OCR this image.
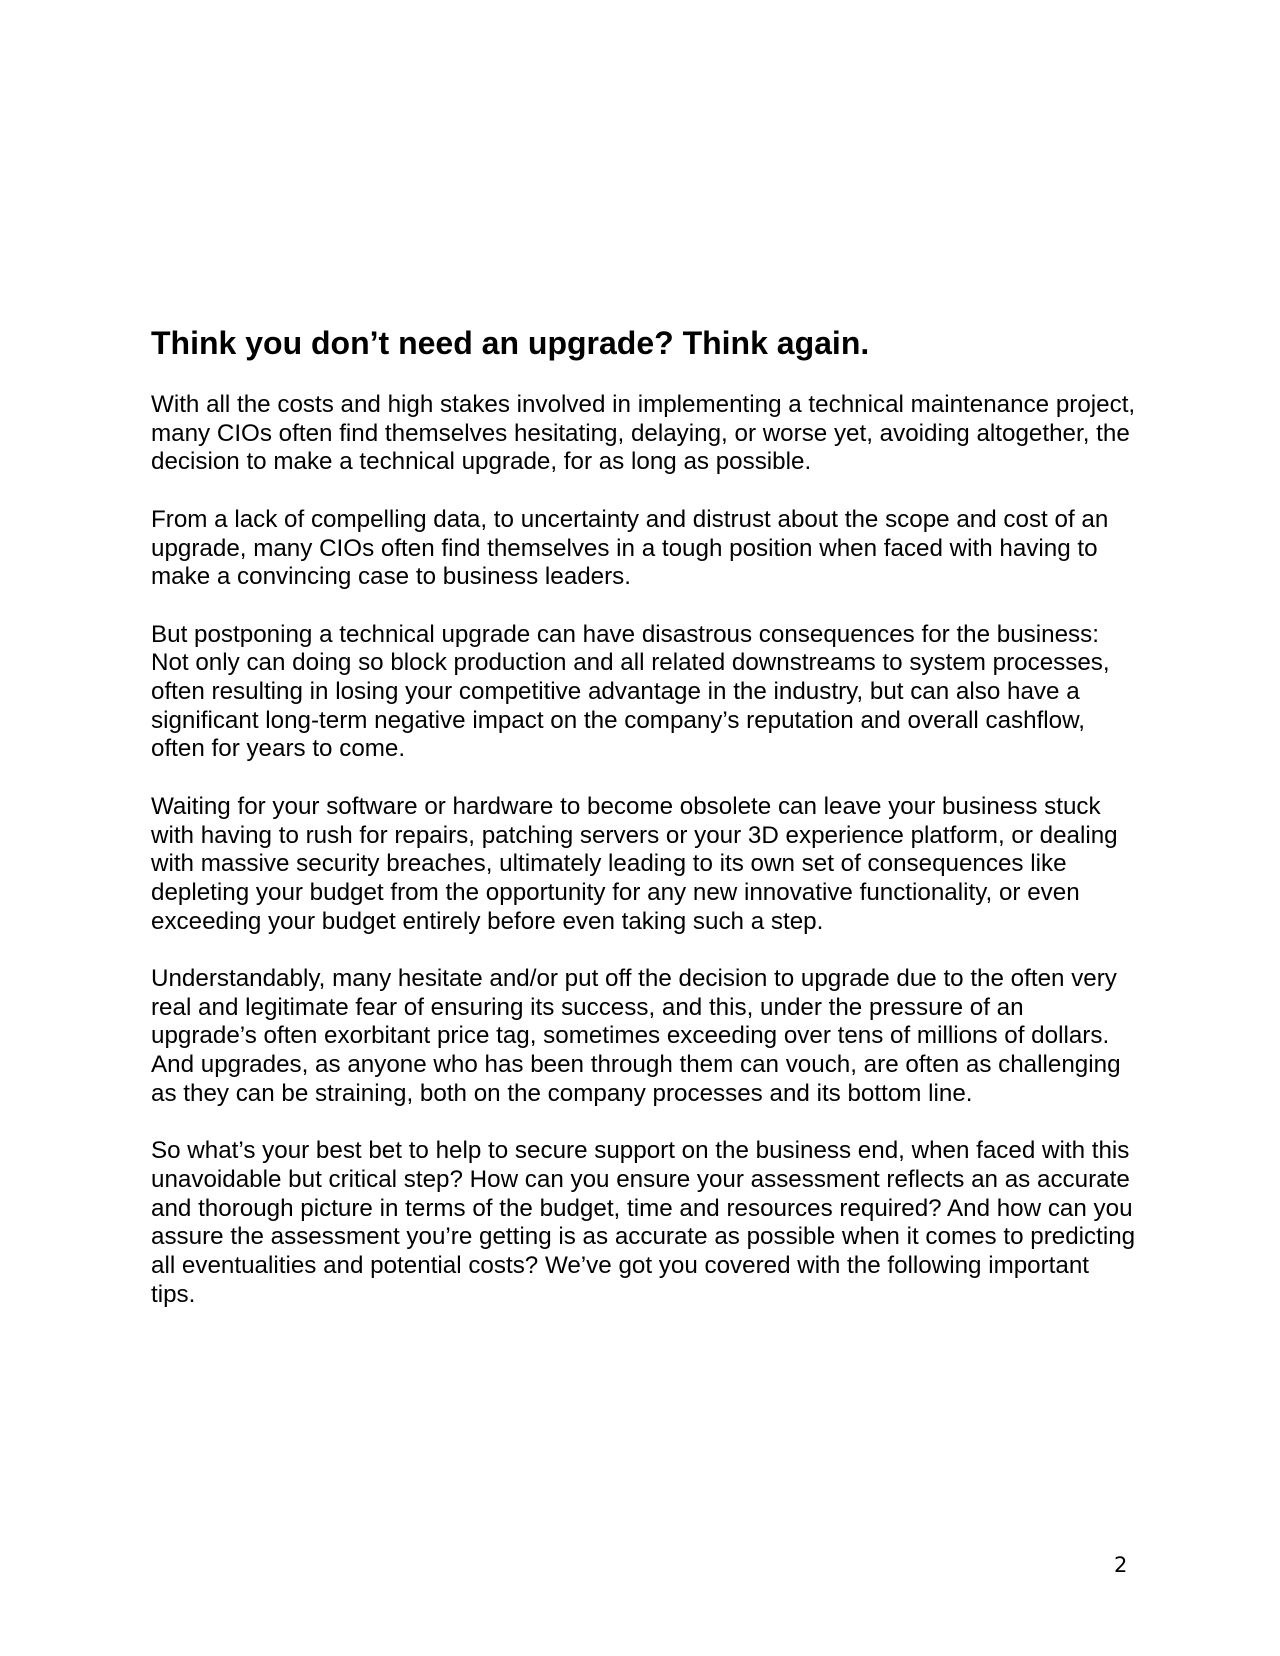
Think you don’t need an upgrade? Think again.

With all the costs and high stakes involved in implementing a technical maintenance project, many CIOs often find themselves hesitating, delaying, or worse yet, avoiding altogether, the decision to make a technical upgrade, for as long as possible.

From a lack of compelling data, to uncertainty and distrust about the scope and cost of an upgrade, many CIOs often find themselves in a tough position when faced with having to make a convincing case to business leaders.

But postponing a technical upgrade can have disastrous consequences for the business: Not only can doing so block production and all related downstreams to system processes, often resulting in losing your competitive advantage in the industry, but can also have a significant long-term negative impact on the company’s reputation and overall cashflow, often for years to come.

Waiting for your software or hardware to become obsolete can leave your business stuck with having to rush for repairs, patching servers or your 3D experience platform, or dealing with massive security breaches, ultimately leading to its own set of consequences like depleting your budget from the opportunity for any new innovative functionality, or even exceeding your budget entirely before even taking such a step.

Understandably, many hesitate and/or put off the decision to upgrade due to the often very real and legitimate fear of ensuring its success, and this, under the pressure of an upgrade’s often exorbitant price tag, sometimes exceeding over tens of millions of dollars. And upgrades, as anyone who has been through them can vouch, are often as challenging as they can be straining, both on the company processes and its bottom line.

So what’s your best bet to help to secure support on the business end, when faced with this unavoidable but critical step? How can you ensure your assessment reflects an as accurate and thorough picture in terms of the budget, time and resources required? And how can you assure the assessment you’re getting is as accurate as possible when it comes to predicting all eventualities and potential costs? We’ve got you covered with the following important tips.

2
